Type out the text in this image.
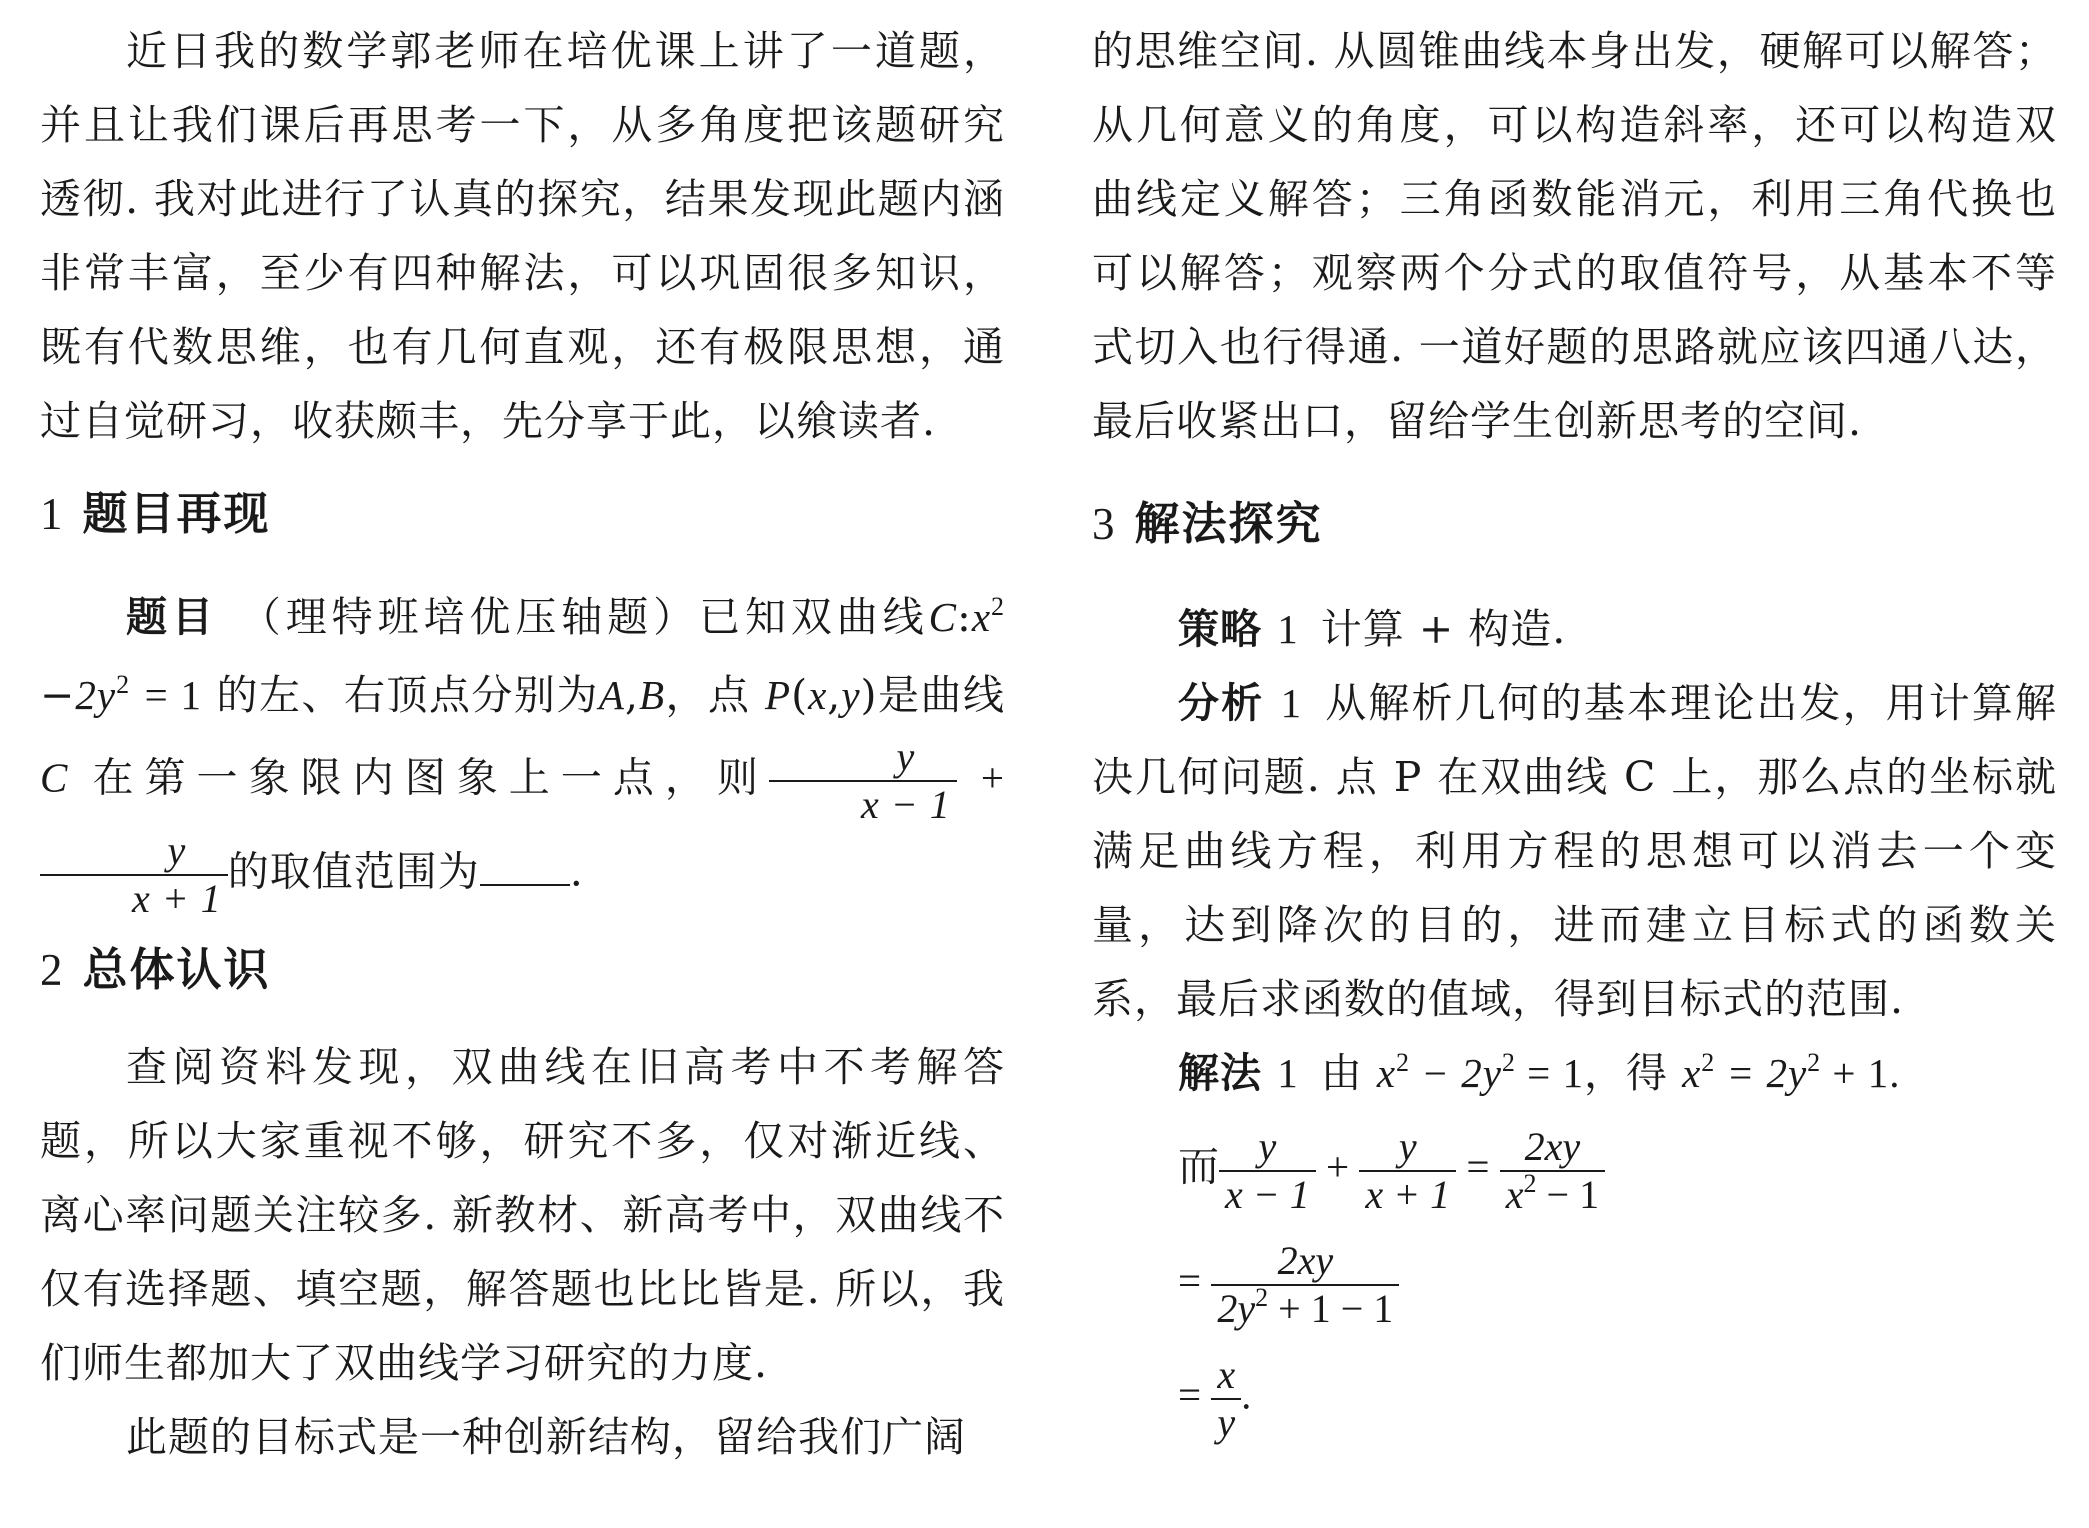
近日我的数学郭老师在培优课上讲了一道题，并且让我们课后再思考一下，从多角度把该题研究透彻. 我对此进行了认真的探究，结果发现此题内涵非常丰富，至少有四种解法，可以巩固很多知识，既有代数思维，也有几何直观，还有极限思想，通过自觉研习，收获颇丰，先分享于此，以飨读者.

1 题目再现

题目 （理特班培优压轴题）已知双曲线$C:x^2 -2y^2 = 1$ 的左、右顶点分别为A,B，点 P(x,y)是曲线 C 在第一象限内图象上一点，则 $\frac{y}{x - 1}$ +
$\frac{y}{x + 1}$ 的取值范围为 .

2 总体认识

查阅资料发现，双曲线在旧高考中不考解答题，所以大家重视不够，研究不多，仅对渐近线、离心率问题关注较多. 新教材、新高考中，双曲线不仅有选择题、填空题，解答题也比比皆是. 所以，我们师生都加大了双曲线学习研究的力度.

此题的目标式是一种创新结构，留给我们广阔

的思维空间. 从圆锥曲线本身出发，硬解可以解答；从几何意义的角度，可以构造斜率，还可以构造双曲线定义解答；三角函数能消元，利用三角代换也可以解答；观察两个分式的取值符号，从基本不等式切入也行得通. 一道好题的思路就应该四通八达，最后收紧出口，留给学生创新思考的空间.

3 解法探究

策略 1 计算 + 构造.

分析 1 从解析几何的基本理论出发，用计算解决几何问题. 点 P 在双曲线 C 上，那么点的坐标就满足曲线方程，利用方程的思想可以消去一个变量，达到降次的目的，进而建立目标式的函数关系，最后求函数的值域，得到目标式的范围.

解法 1 由 $x^2 - 2y^2 = 1$，得 $x^2 = 2y^2 + 1$.

而 $\frac{y}{x - 1} + \frac{y}{x + 1} = \frac{2xy}{x^2 - 1}$
= $\frac{2xy}{2y^2 + 1 - 1}$
= $\frac{x}{y}$ .
